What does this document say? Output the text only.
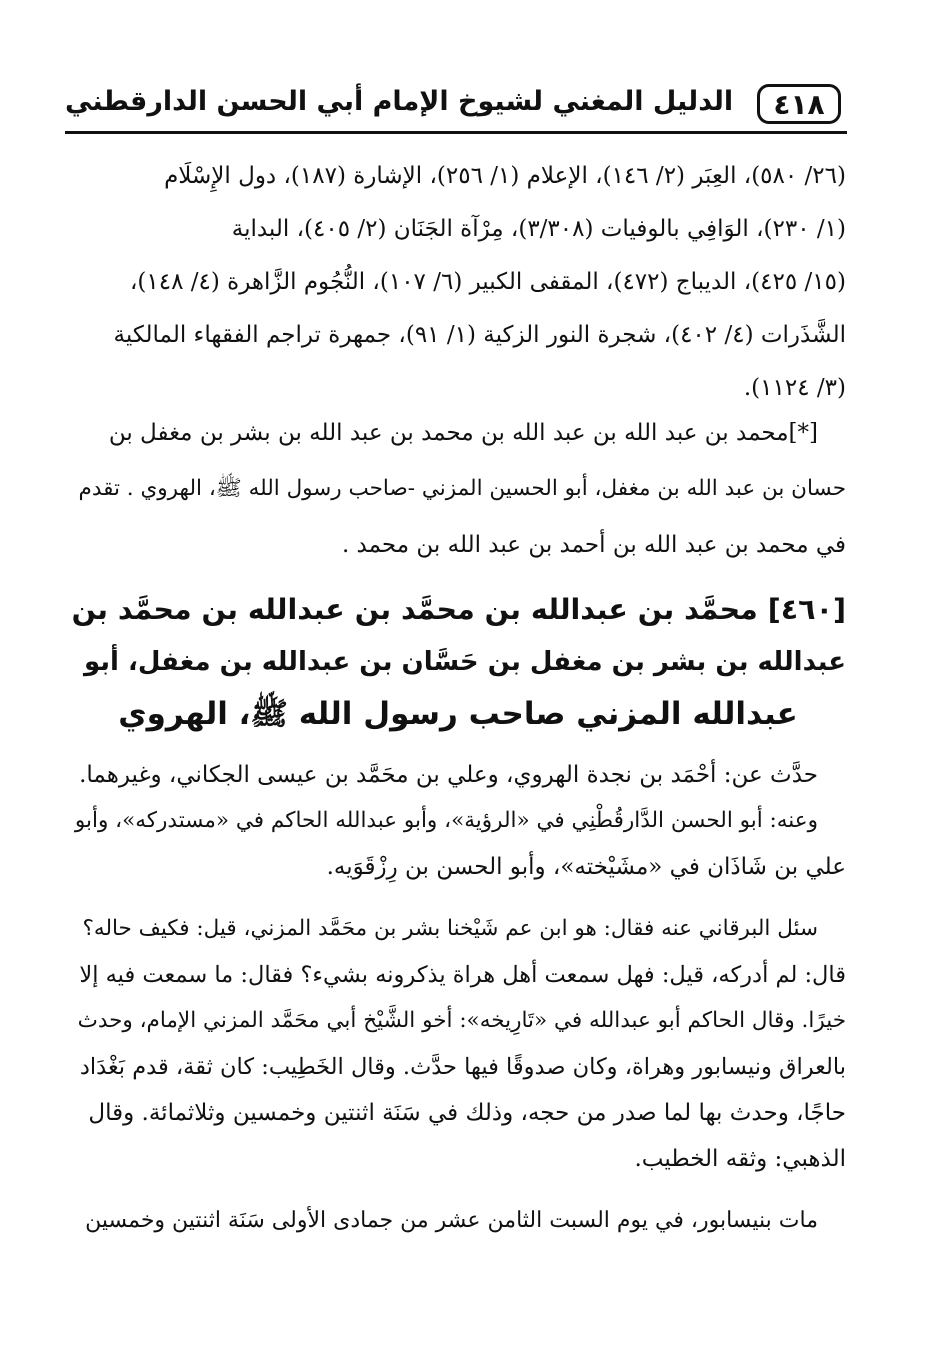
٤١٨
الدليل المغني لشيوخ الإمام أبي الحسن الدارقطني
(٢٦/ ٥٨٠)، العِبَر (٢/ ١٤٦)، الإعلام (١/ ٢٥٦)، الإشارة (١٨٧)، دول الإِسْلَام
(١/ ٢٣٠)، الوَافِي بالوفيات (٣/٣٠٨)، مِرْآة الجَنَان (٢/ ٤٠٥)، البداية
(١٥/ ٤٢٥)، الديباج (٤٧٢)، المقفى الكبير (٦/ ١٠٧)، النُّجُوم الزَّاهرة (٤/ ١٤٨)،
الشَّذَرات (٤/ ٤٠٢)، شجرة النور الزكية (١/ ٩١)، جمهرة تراجم الفقهاء المالكية
(٣/ ١١٢٤).
[*]محمد بن عبد الله بن عبد الله بن محمد بن عبد الله بن بشر بن مغفل بن
حسان بن عبد الله بن مغفل، أبو الحسين المزني -صاحب رسول الله ﷺ، الهروي . تقدم
في محمد بن عبد الله بن أحمد بن عبد الله بن محمد .
[٤٦٠] محمَّد بن عبدالله بن محمَّد بن عبدالله بن محمَّد بن
عبدالله بن بشر بن مغفل بن حَسَّان بن عبدالله بن مغفل، أبو
عبدالله المزني صاحب رسول الله ﷺ، الهروي
حدَّث عن: أحْمَد بن نجدة الهروي، وعلي بن محَمَّد بن عيسى الجكاني، وغيرهما.
وعنه: أبو الحسن الدَّارقُطْنِي في «الرؤية»، وأبو عبدالله الحاكم في «مستدركه»، وأبو
علي بن شَاذَان في «مشَيْخته»، وأبو الحسن بن رِزْقَوَيه.
سئل البرقاني عنه فقال: هو ابن عم شَيْخنا بشر بن محَمَّد المزني، قيل: فكيف حاله؟
قال: لم أدركه، قيل: فهل سمعت أهل هراة يذكرونه بشيء؟ فقال: ما سمعت فيه إلا
خيرًا. وقال الحاكم أبو عبدالله في «تَارِيخه»: أخو الشَّيْخ أبي محَمَّد المزني الإمام، وحدث
بالعراق ونيسابور وهراة، وكان صدوقًا فيها حدَّث. وقال الخَطِيب: كان ثقة، قدم بَغْدَاد
حاجًا، وحدث بها لما صدر من حجه، وذلك في سَنَة اثنتين وخمسين وثلاثمائة. وقال
الذهبي: وثقه الخطيب.
مات بنيسابور، في يوم السبت الثامن عشر من جمادى الأولى سَنَة اثنتين وخمسين
